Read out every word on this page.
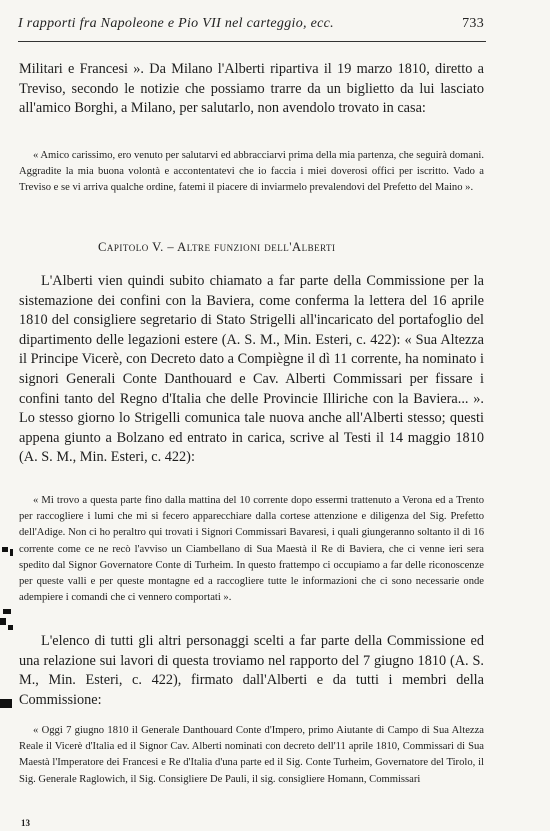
I rapporti fra Napoleone e Pio VII nel carteggio, ecc.	733

Militari e Francesi ». Da Milano l'Alberti ripartiva il 19 marzo 1810, diretto a Treviso, secondo le notizie che possiamo trarre da un biglietto da lui lasciato all'amico Borghi, a Milano, per salutarlo, non avendolo trovato in casa:

« Amico carissimo, ero venuto per salutarvi ed abbracciarvi prima della mia partenza, che seguirà domani. Aggradite la mia buona volontà e accontentatevi che io faccia i miei doverosi offici per iscritto. Vado a Treviso e se vi arriva qualche ordine, fatemi il piacere di inviarmelo prevalendovi del Prefetto del Maino ».

Capitolo V. – Altre funzioni dell'Alberti

L'Alberti vien quindi subito chiamato a far parte della Commissione per la sistemazione dei confini con la Baviera, come conferma la lettera del 16 aprile 1810 del consigliere segretario di Stato Strigelli all'incaricato del portafoglio del dipartimento delle legazioni estere (A. S. M., Min. Esteri, c. 422): « Sua Altezza il Principe Vicerè, con Decreto dato a Compiègne il dì 11 corrente, ha nominato i signori Generali Conte Danthouard e Cav. Alberti Commissari per fissare i confini tanto del Regno d'Italia che delle Provincie Illiriche con la Baviera... ». Lo stesso giorno lo Strigelli comunica tale nuova anche all'Alberti stesso; questi appena giunto a Bolzano ed entrato in carica, scrive al Testi il 14 maggio 1810 (A. S. M., Min. Esteri, c. 422):

« Mi trovo a questa parte fino dalla mattina del 10 corrente dopo essermi trattenuto a Verona ed a Trento per raccogliere i lumi che mi si fecero apparecchiare dalla cortese attenzione e diligenza del Sig. Prefetto dell'Adige. Non ci ho peraltro qui trovati i Signori Commissari Bavaresi, i quali giungeranno soltanto il dì 16 corrente come ce ne recò l'avviso un Ciambellano di Sua Maestà il Re di Baviera, che ci venne ieri sera spedito dal Signor Governatore Conte di Turheim. In questo frattempo ci occupiamo a far delle riconoscenze per queste valli e per queste montagne ed a raccogliere tutte le informazioni che ci sono necessarie onde adempiere i comandi che ci vennero comportati ».

L'elenco di tutti gli altri personaggi scelti a far parte della Commissione ed una relazione sui lavori di questa troviamo nel rapporto del 7 giugno 1810 (A. S. M., Min. Esteri, c. 422), firmato dall'Alberti e da tutti i membri della Commissione:

« Oggi 7 giugno 1810 il Generale Danthouard Conte d'Impero, primo Aiutante di Campo di Sua Altezza Reale il Vicerè d'Italia ed il Signor Cav. Alberti nominati con decreto dell'11 aprile 1810, Commissari di Sua Maestà l'Imperatore dei Francesi e Re d'Italia d'una parte ed il Sig. Conte Turheim, Governatore del Tirolo, il Sig. Generale Raglowich, il Sig. Consigliere De Pauli, il sig. consigliere Homann, Commissari

13
